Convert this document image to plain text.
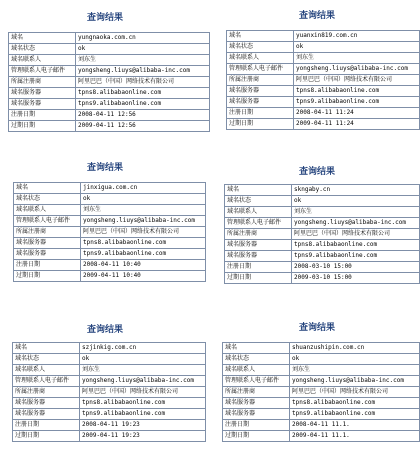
查询结果
域名	yungnaoka.com.cn
域名状态	ok
域名联系人	刘东生
管理联系人电子邮件	yongsheng.liuys@alibaba-inc.com
所属注册商	阿里巴巴（中国）网络技术有限公司
域名服务器	tpns8.alibabaonline.com
域名服务器	tpns9.alibabaonline.com
注册日期	2008-04-11 12:56
过期日期	2009-04-11 12:56
查询结果
域名	yuanxin819.com.cn
域名状态	ok
域名联系人	刘东生
管理联系人电子邮件	yongsheng.liuys@alibaba-inc.com
所属注册商	阿里巴巴（中国）网络技术有限公司
域名服务器	tpns8.alibabaonline.com
域名服务器	tpns9.alibabaonline.com
注册日期	2008-04-11 11:24
过期日期	2009-04-11 11:24
查询结果
域名	jinxigua.com.cn
域名状态	ok
域名联系人	刘东生
管理联系人电子邮件	yongsheng.liuys@alibaba-inc.com
所属注册商	阿里巴巴（中国）网络技术有限公司
域名服务器	tpns8.alibabaonline.com
域名服务器	tpns9.alibabaonline.com
注册日期	2008-04-11 10:40
过期日期	2009-04-11 10:40
查询结果
域名	skngaby.cn
域名状态	ok
域名联系人	刘东生
管理联系人电子邮件	yongsheng.liuys@alibaba-inc.com
所属注册商	阿里巴巴（中国）网络技术有限公司
域名服务器	tpns8.alibabaonline.com
域名服务器	tpns9.alibabaonline.com
注册日期	2008-03-10 15:00
过期日期	2009-03-10 15:00
查询结果
域名	szjinkig.com.cn
域名状态	ok
域名联系人	刘东生
管理联系人电子邮件	yongsheng.liuys@alibaba-inc.com
所属注册商	阿里巴巴（中国）网络技术有限公司
域名服务器	tpns8.alibabaonline.com
域名服务器	tpns9.alibabaonline.com
注册日期	2008-04-11 19:23
过期日期	2009-04-11 19:23
查询结果
域名	shuanzushipin.com.cn
域名状态	ok
域名联系人	刘东生
管理联系人电子邮件	yongsheng.liuys@alibaba-inc.com
所属注册商	阿里巴巴（中国）网络技术有限公司
域名服务器	tpns8.alibabaonline.com
域名服务器	tpns9.alibabaonline.com
注册日期	2008-04-11 11.1.
过期日期	2009-04-11 11.1.
